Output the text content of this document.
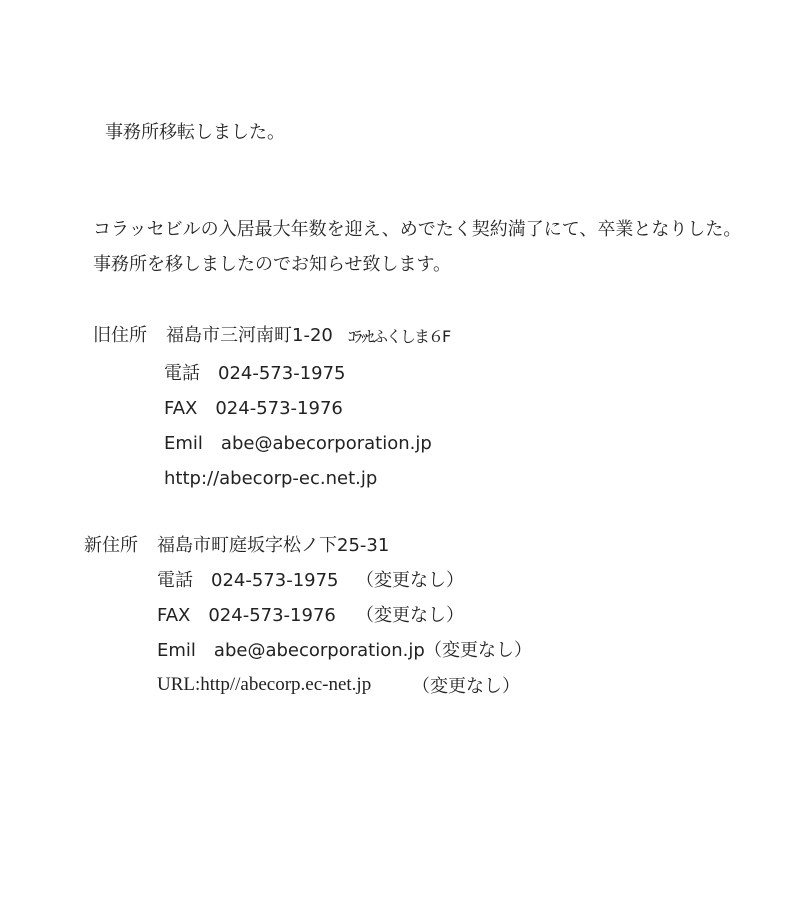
事務所移転しました。
コラッセビルの入居最大年数を迎え、めでたく契約満了にて、卒業となりした。
事務所を移しましたのでお知らせ致します。
旧住所 福島市三河南町1-20 ｺﾗｯｾふくしま６F
電話　024-573-1975
FAX　024-573-1976
Emil　abe@abecorporation.jp
http://abecorp-ec.net.jp
新住所 福島市町庭坂字松ノ下25-31
電話　024-573-1975 （変更なし）
FAX　024-573-1976 （変更なし）
Emil　abe@abecorporation.jp （変更なし）
URL:http//abecorp.ec-net.jp （変更なし）
